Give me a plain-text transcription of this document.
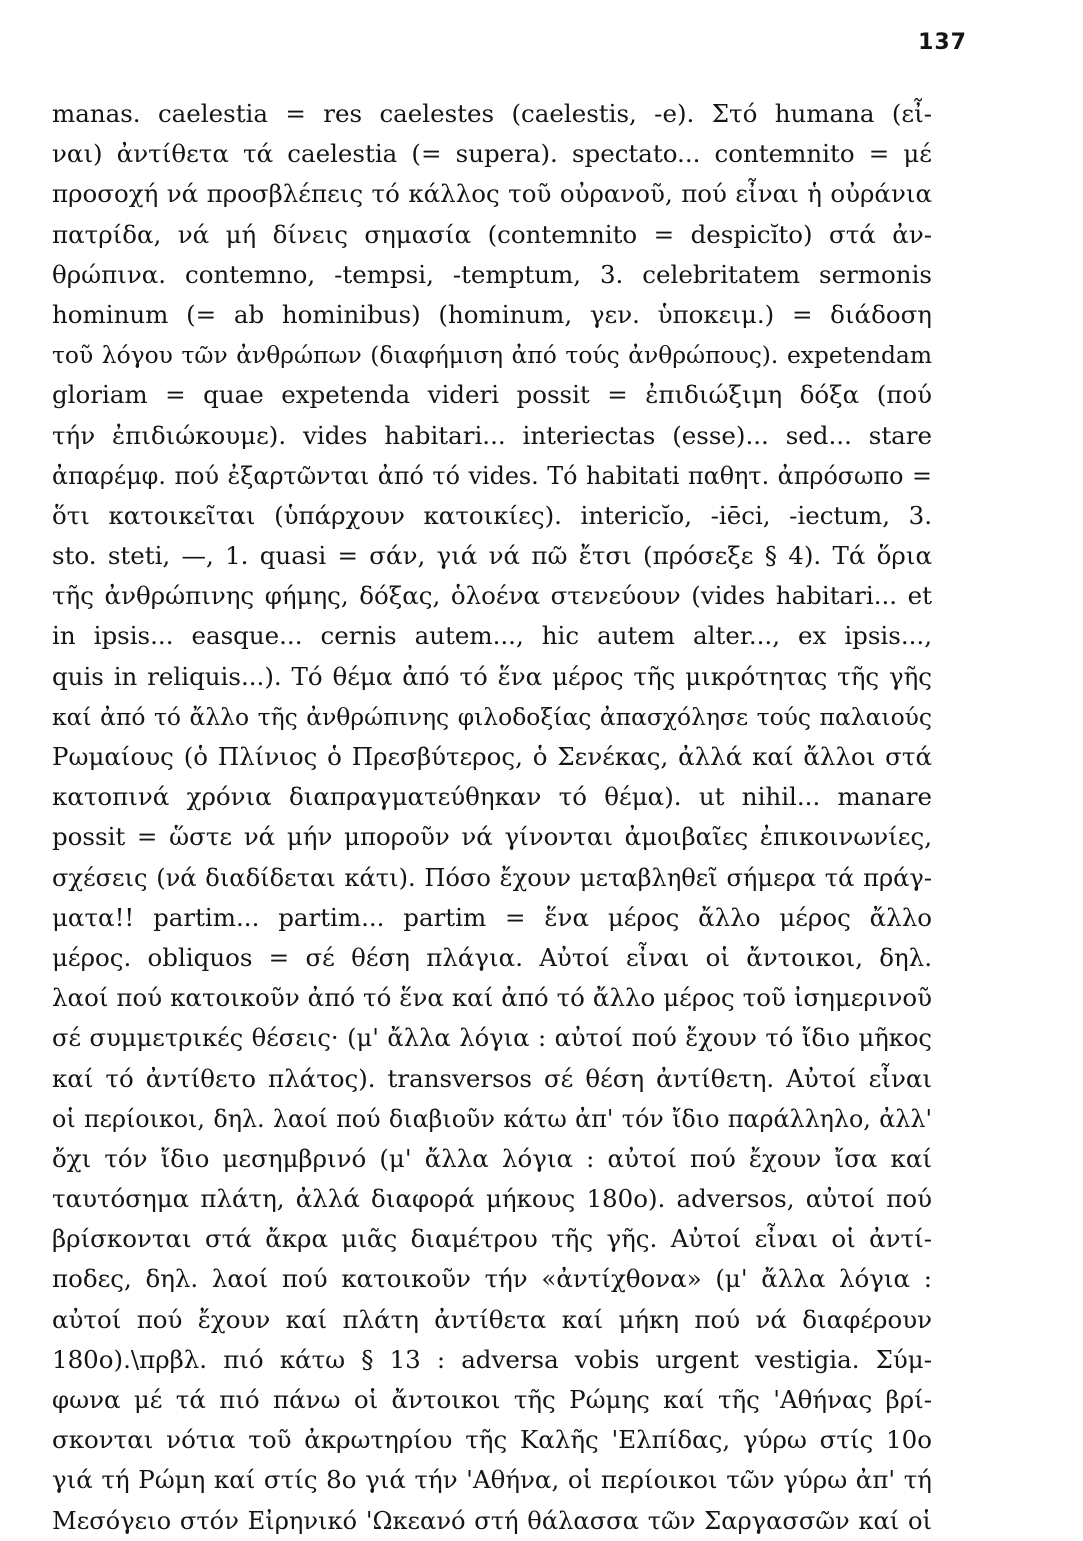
137
manas. caelestia = res caelestes (caelestis, -e). Στό humana (εἶ-
ναι) ἀντίθετα τά caelestia (= supera). spectato... contemnito = μέ
προσοχή νά προσβλέπεις τό κάλλος τοῦ οὐρανοῦ, πού εἶναι ἡ οὐράνια
πατρίδα, νά μή δίνεις σημασία (contemnito = despicĭto) στά ἀν-
θρώπινα. contemno, -tempsi, -temptum, 3. celebritatem sermonis
hominum (= ab hominibus) (hominum, γεν. ὑποκειμ.) = διάδοση
τοῦ λόγου τῶν ἀνθρώπων (διαφήμιση ἀπό τούς ἀνθρώπους). expetendam
gloriam = quae expetenda videri possit = ἐπιδιώξιμη δόξα (πού
τήν ἐπιδιώκουμε). vides habitari... interiectas (esse)... sed... stare
ἀπαρέμφ. πού ἐξαρτῶνται ἀπό τό vides. Τό habitati παθητ. ἀπρόσωπο =
ὅτι κατοικεῖται (ὑπάρχουν κατοικίες). intericĭo, -iēci, -iectum, 3.
sto. steti, —, 1. quasi = σάν, γιά νά πῶ ἔτσι (πρόσεξε § 4). Τά ὅρια
τῆς ἀνθρώπινης φήμης, δόξας, ὁλοένα στενεύουν (vides habitari... et
in ipsis... easque... cernis autem..., hic autem alter..., ex ipsis...,
quis in reliquis...). Τό θέμα ἀπό τό ἕνα μέρος τῆς μικρότητας τῆς γῆς
καί ἀπό τό ἄλλο τῆς ἀνθρώπινης φιλοδοξίας ἀπασχόλησε τούς παλαιούς
Ρωμαίους (ὁ Πλίνιος ὁ Πρεσβύτερος, ὁ Σενέκας, ἀλλά καί ἄλλοι στά
κατοπινά χρόνια διαπραγματεύθηκαν τό θέμα). ut nihil... manare
possit = ὥστε νά μήν μποροῦν νά γίνονται ἀμοιβαῖες ἐπικοινωνίες,
σχέσεις (νά διαδίδεται κάτι). Πόσο ἔχουν μεταβληθεῖ σήμερα τά πράγ-
ματα!! partim... partim... partim = ἕνα μέρος ἄλλο μέρος ἄλλο
μέρος. obliquos = σέ θέση πλάγια. Αὐτοί εἶναι οἱ ἄντοικοι, δηλ.
λαοί πού κατοικοῦν ἀπό τό ἕνα καί ἀπό τό ἄλλο μέρος τοῦ ἰσημερινοῦ
σέ συμμετρικές θέσεις· (μ' ἄλλα λόγια : αὐτοί πού ἔχουν τό ἴδιο μῆκος
καί τό ἀντίθετο πλάτος). transversos σέ θέση ἀντίθετη. Αὐτοί εἶναι
οἱ περίοικοι, δηλ. λαοί πού διαβιοῦν κάτω ἀπ' τόν ἴδιο παράλληλο, ἀλλ'
ὄχι τόν ἴδιο μεσημβρινό (μ' ἄλλα λόγια : αὐτοί πού ἔχουν ἴσα καί
ταυτόσημα πλάτη, ἀλλά διαφορά μήκους 180ο). adversos, αὐτοί πού
βρίσκονται στά ἄκρα μιᾶς διαμέτρου τῆς γῆς. Αὐτοί εἶναι οἱ ἀντί-
ποδες, δηλ. λαοί πού κατοικοῦν τήν «ἀντίχθονα» (μ' ἄλλα λόγια :
αὐτοί πού ἔχουν καί πλάτη ἀντίθετα καί μήκη πού νά διαφέρουν
180ο).\πρβλ. πιό κάτω § 13 : adversa vobis urgent vestigia. Σύμ-
φωνα μέ τά πιό πάνω οἱ ἄντοικοι τῆς Ρώμης καί τῆς 'Αθήνας βρί-
σκονται νότια τοῦ ἀκρωτηρίου τῆς Καλῆς 'Ελπίδας, γύρω στίς 10ο
γιά τή Ρώμη καί στίς 8ο γιά τήν 'Αθήνα, οἱ περίοικοι τῶν γύρω ἀπ' τή
Μεσόγειο στόν Εἰρηνικό 'Ωκεανό στή θάλασσα τῶν Σαργασσῶν καί οἱ
